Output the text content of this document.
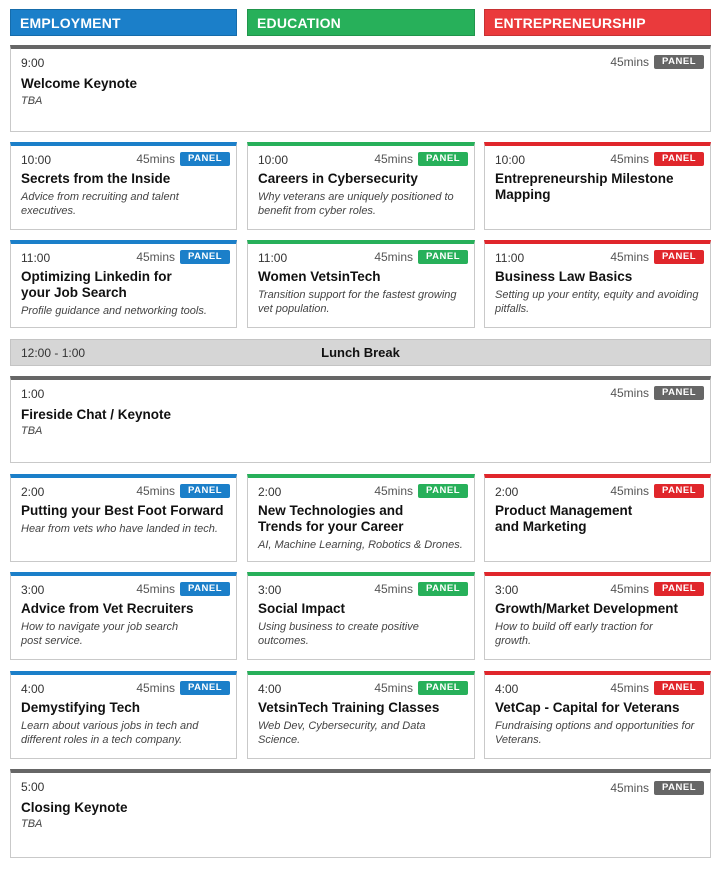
EMPLOYMENT	EDUCATION	ENTREPRENEURSHIP
9:00	45mins	PANEL
Welcome Keynote
TBA
10:00	45mins	PANEL
Secrets from the Inside
Advice from recruiting and talent executives.
10:00	45mins	PANEL
Careers in Cybersecurity
Why veterans are uniquely positioned to benefit from cyber roles.
10:00	45mins	PANEL
Entrepreneurship Milestone Mapping
11:00	45mins	PANEL
Optimizing Linkedin for your Job Search
Profile guidance and networking tools.
11:00	45mins	PANEL
Women VetsinTech
Transition support for the fastest growing vet population.
11:00	45mins	PANEL
Business Law Basics
Setting up your entity, equity and avoiding pitfalls.
12:00 - 1:00	Lunch Break
1:00	45mins	PANEL
Fireside Chat / Keynote
TBA
2:00	45mins	PANEL
Putting your Best Foot Forward
Hear from vets who have landed in tech.
2:00	45mins	PANEL
New Technologies and Trends for your Career
AI, Machine Learning, Robotics & Drones.
2:00	45mins	PANEL
Product Management and Marketing
3:00	45mins	PANEL
Advice from Vet Recruiters
How to navigate your job search post service.
3:00	45mins	PANEL
Social Impact
Using business to create positive outcomes.
3:00	45mins	PANEL
Growth/Market Development
How to build off early traction for growth.
4:00	45mins	PANEL
Demystifying Tech
Learn about various jobs in tech and different roles in a tech company.
4:00	45mins	PANEL
VetsinTech Training Classes
Web Dev, Cybersecurity, and Data Science.
4:00	45mins	PANEL
VetCap - Capital for Veterans
Fundraising options and opportunities for Veterans.
5:00	45mins	PANEL
Closing Keynote
TBA
